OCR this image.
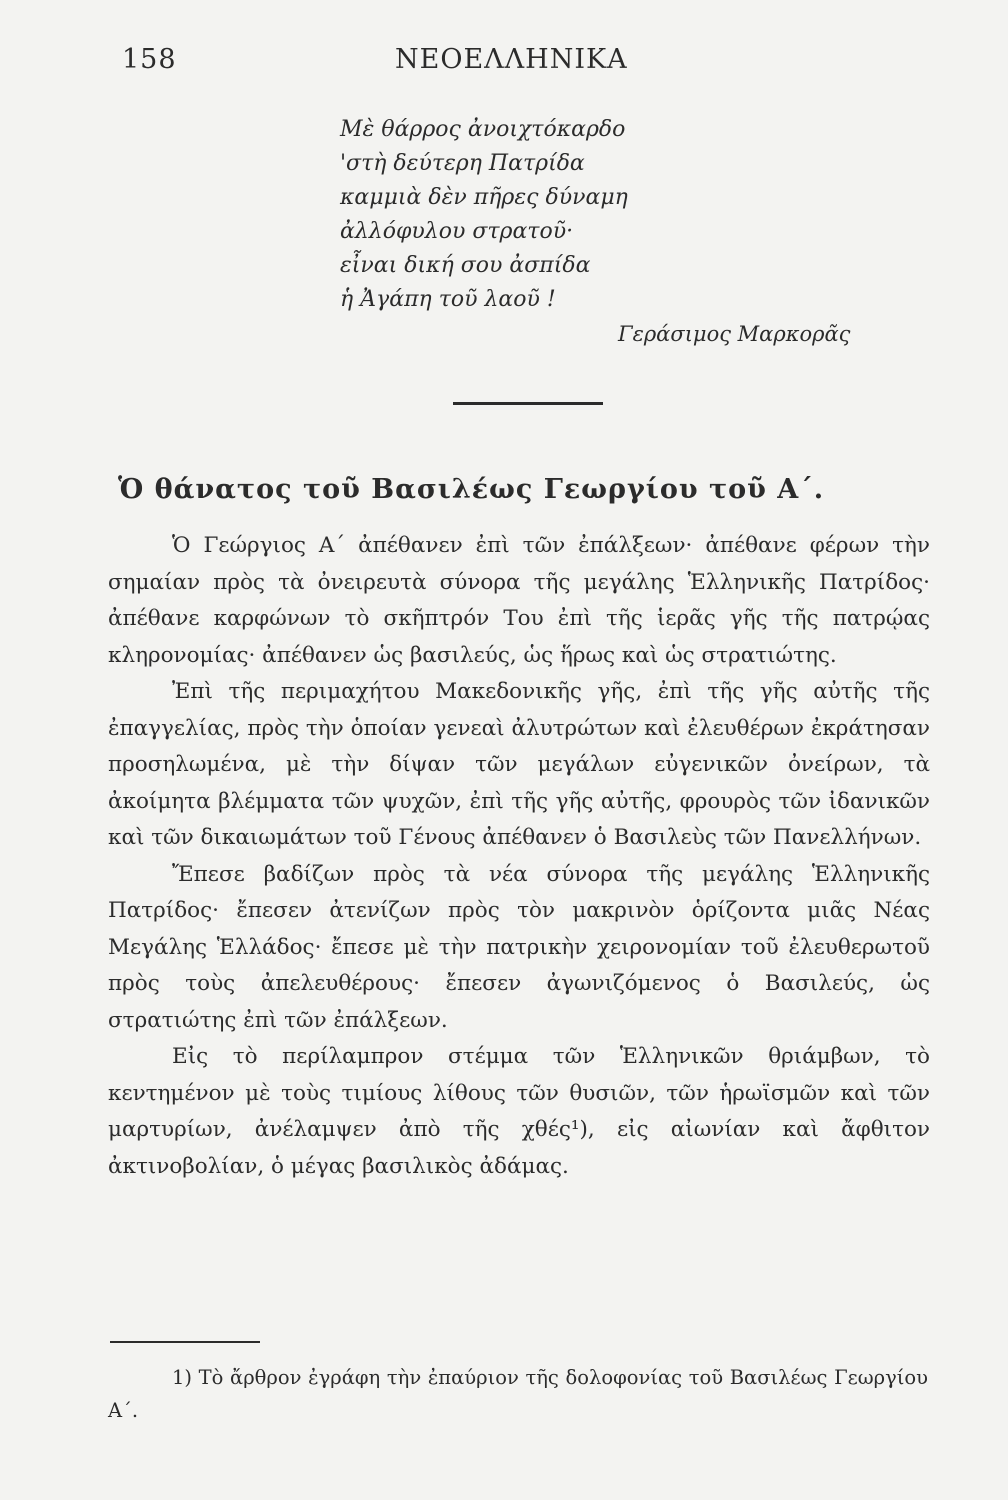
158	ΝΕΟΕΛΛΗΝΙΚΑ
Μὲ θάρρος ἀνοιχτόκαρδο
'στὴ δεύτερη Πατρίδα
καμμιὰ δὲν πῆρες δύναμη
ἀλλόφυλου στρατοῦ·
εἶναι δική σου ἀσπίδα
ἡ Ἀγάπη τοῦ λαοῦ !
Γεράσιμος Μαρκορᾶς
Ὁ θάνατος τοῦ Βασιλέως Γεωργίου τοῦ Α΄.

Ὁ Γεώργιος Α΄ ἀπέθανεν ἐπὶ τῶν ἐπάλξεων· ἀπέθανε φέρων τὴν σημαίαν πρὸς τὰ ὀνειρευτὰ σύνορα τῆς μεγάλης Ἑλληνικῆς Πατρίδος· ἀπέθανε καρφώνων τὸ σκῆπτρόν Του ἐπὶ τῆς ἱερᾶς γῆς τῆς πατρῴας κληρονομίας· ἀπέθανεν ὡς βασιλεύς, ὡς ἥρως καὶ ὡς στρατιώτης.

Ἐπὶ τῆς περιμαχήτου Μακεδονικῆς γῆς, ἐπὶ τῆς γῆς αὐτῆς τῆς ἐπαγγελίας, πρὸς τὴν ὁποίαν γενεαὶ ἀλυτρώτων καὶ ἐλευθέρων ἐκράτησαν προσηλωμένα, μὲ τὴν δίψαν τῶν μεγάλων εὐγενικῶν ὀνείρων, τὰ ἀκοίμητα βλέμματα τῶν ψυχῶν, ἐπὶ τῆς γῆς αὐτῆς, φρουρὸς τῶν ἰδανικῶν καὶ τῶν δικαιωμάτων τοῦ Γένους ἀπέθανεν ὁ Βασιλεὺς τῶν Πανελλήνων.

Ἔπεσε βαδίζων πρὸς τὰ νέα σύνορα τῆς μεγάλης Ἑλληνικῆς Πατρίδος· ἔπεσεν ἀτενίζων πρὸς τὸν μακρινὸν ὁρίζοντα μιᾶς Νέας Μεγάλης Ἑλλάδος· ἔπεσε μὲ τὴν πατρικὴν χειρονομίαν τοῦ ἐλευθερωτοῦ πρὸς τοὺς ἀπελευθέρους· ἔπεσεν ἀγωνιζόμενος ὁ Βασιλεύς, ὡς στρατιώτης ἐπὶ τῶν ἐπάλξεων.

Εἰς τὸ περίλαμπρον στέμμα τῶν Ἑλληνικῶν θριάμβων, τὸ κεντημένον μὲ τοὺς τιμίους λίθους τῶν θυσιῶν, τῶν ἡρωϊσμῶν καὶ τῶν μαρτυρίων, ἀνέλαμψεν ἀπὸ τῆς χθές¹), εἰς αἰωνίαν καὶ ἄφθιτον ἀκτινοβολίαν, ὁ μέγας βασιλικὸς ἀδάμας.

1) Τὸ ἄρθρον ἐγράφη τὴν ἐπαύριον τῆς δολοφονίας τοῦ Βασιλέως Γεωργίου Α΄.
